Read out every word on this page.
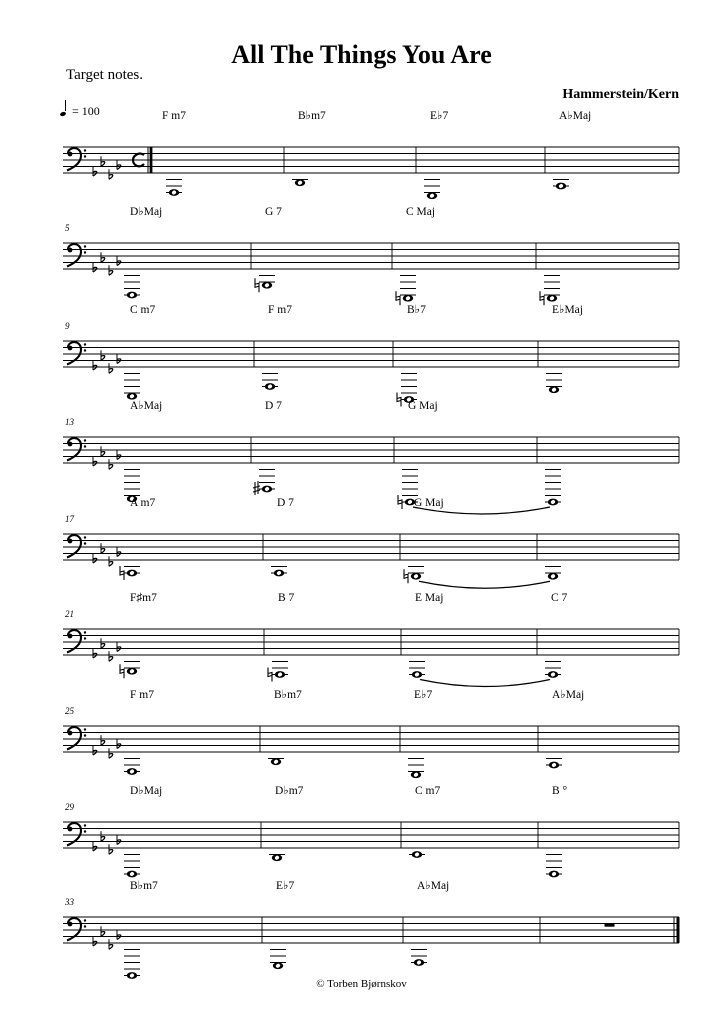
All The Things You Are
Target notes.
Hammerstein/Kern
= 100	F m7	B♭m7	E♭7	A♭Maj
5
D♭Maj	G 7	C Maj
9
C m7	F m7	B♭7	E♭Maj
13
A♭Maj	D 7	G Maj
17
A m7	D 7	G Maj
21
F♯m7	B 7	E Maj	C 7
25
F m7	B♭m7	E♭7	A♭Maj
29
D♭Maj	D♭m7	C m7	B °
33
B♭m7	E♭7	A♭Maj
© Torben Bjørnskov
